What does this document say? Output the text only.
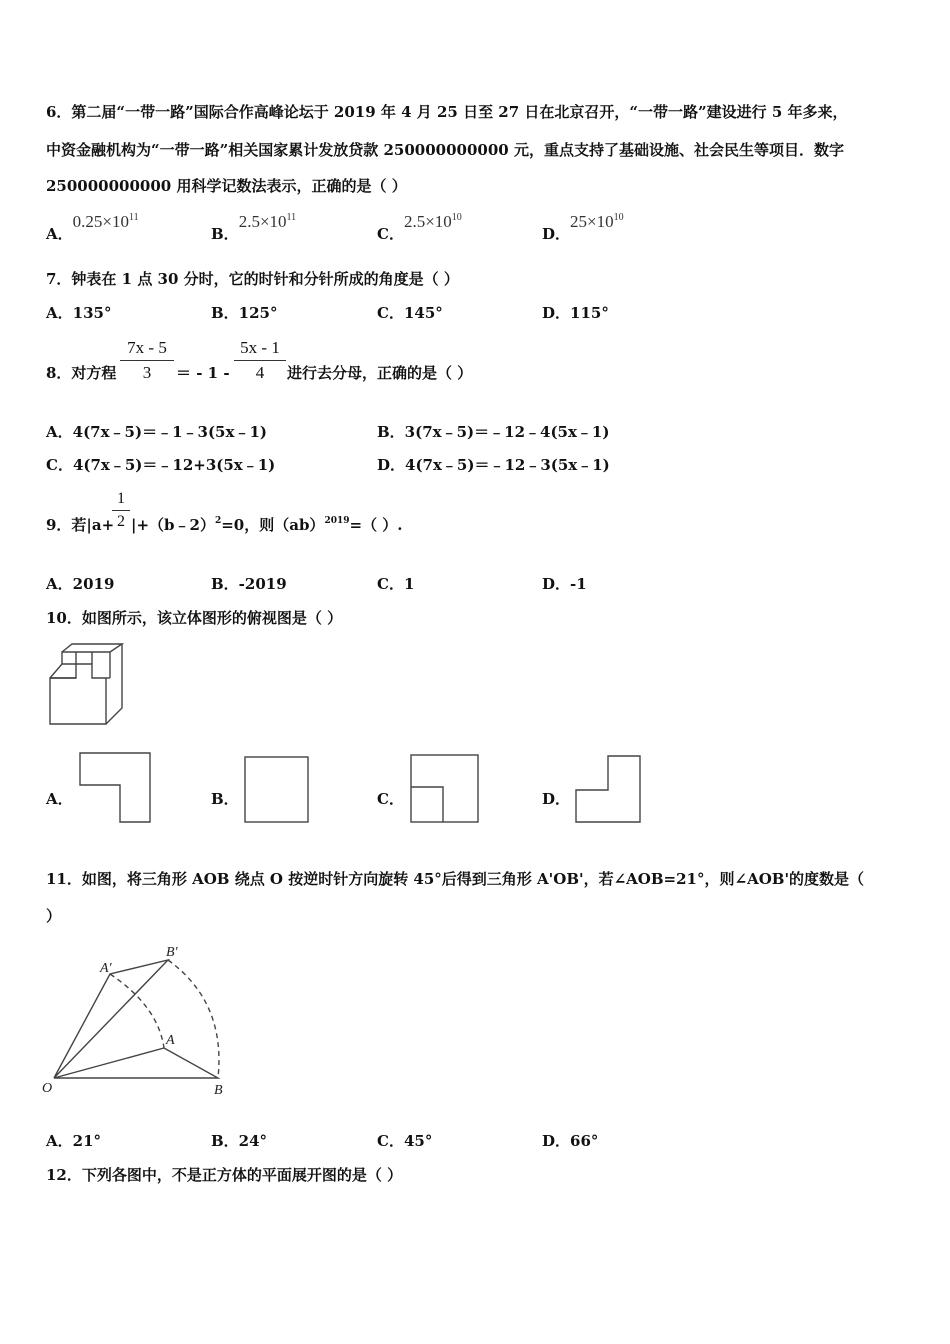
6．第二届“一带一路”国际合作高峰论坛于 2019 年 4 月 25 日至 27 日在北京召开，“一带一路”建设进行 5 年多来，
中资金融机构为“一带一路”相关国家累计发放贷款 250000000000 元，重点支持了基础设施、社会民生等项目．数字
250000000000 用科学记数法表示，正确的是（ ）
A．$0.25\times 10^{11}$
B．$2.5\times 10^{11}$
C．$2.5\times 10^{10}$
D．$25\times 10^{10}$
7．钟表在 1 点 30 分时，它的时针和分针所成的角度是（ ）
A．135°	B．125°	C．145°	D．115°
8．对方程 $\frac{7x - 5}{3}$ ＝ - $1 - \frac{5x - 1}{4}$ 进行去分母，正确的是（ ）
A．4(7x﹣5)＝﹣1﹣3(5x﹣1)	B．3(7x﹣5)＝﹣12﹣4(5x﹣1)
C．4(7x﹣5)＝﹣12+3(5x﹣1)	D．4(7x﹣5)＝﹣12﹣3(5x﹣1)
9．若|a+
$\frac{1}{2}$ |+（b﹣2）$^2$=0，则（ab）$^{2019}$=（ ）.
A．2019	B．-2019	C．1	D．-1
10．如图所示，该立体图形的俯视图是（ ）
A．	B．	C．	D．
11．如图，将三角形 AOB 绕点 O 按逆时针方向旋转 45°后得到三角形 A'OB'，若∠AOB=21°，则∠AOB'的度数是（
）
O
A
B
A'
B'
A．21°	B．24°	C．45°	D．66°
12．下列各图中，不是正方体的平面展开图的是（ ）
